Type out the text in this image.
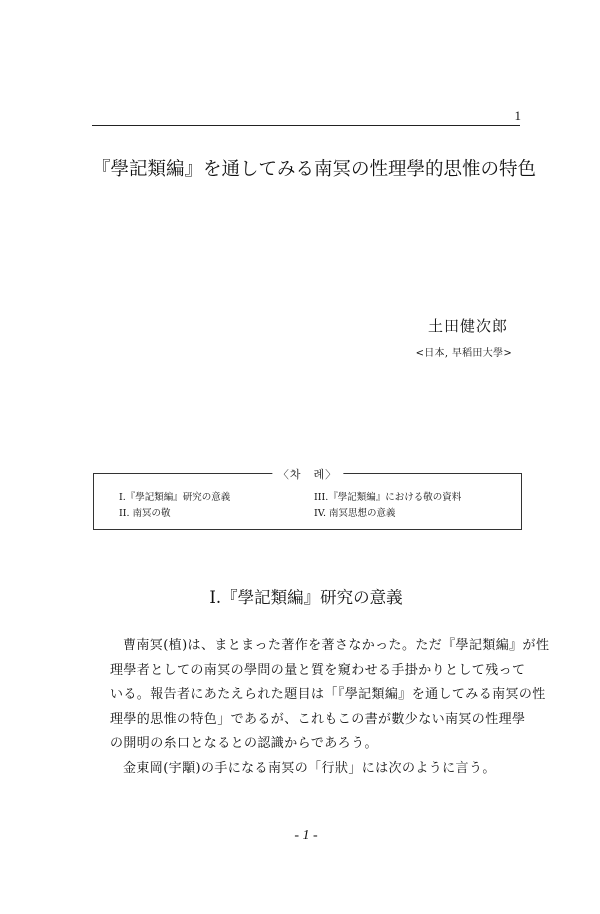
1
『學記類編』を通してみる南冥の性理學的思惟の特色
土田健次郎
<日本, 早稻田大學>
〈차　례〉
I.『學記類編』研究の意義
II. 南冥の敬
III.『學記類編』における敬の資料
IV. 南冥思想の意義
I.『學記類編』研究の意義
曹南冥(植)は、まとまった著作を著さなかった。ただ『學記類編』が性
理學者としての南冥の學問の量と質を窺わせる手掛かりとして残って
いる。報告者にあたえられた題目は「『學記類編』を通してみる南冥の性
理學的思惟の特色」であるが、これもこの書が數少ない南冥の性理學
の開明の糸口となるとの認識からであろう。
金東岡(宇顒)の手になる南冥の「行狀」には次のように言う。
- 1 -
